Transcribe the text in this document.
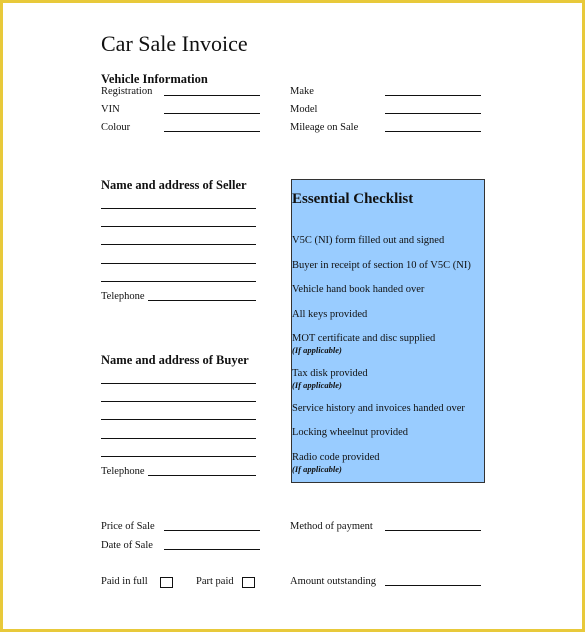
Car Sale Invoice
Vehicle Information
Registration
VIN
Colour
Make
Model
Mileage on Sale
Name and address of Seller
Telephone
Name and address of Buyer
Telephone
Essential Checklist
V5C (NI) form filled out and signed
Buyer in receipt of section 10 of V5C (NI)
Vehicle hand book handed over
All keys provided
MOT certificate and disc supplied
(If applicable)
Tax disk provided
(If applicable)
Service history and invoices handed over
Locking wheelnut provided
Radio code provided
(If applicable)
Price of Sale
Date of Sale
Method of payment
Paid in full	Part paid	Amount outstanding
